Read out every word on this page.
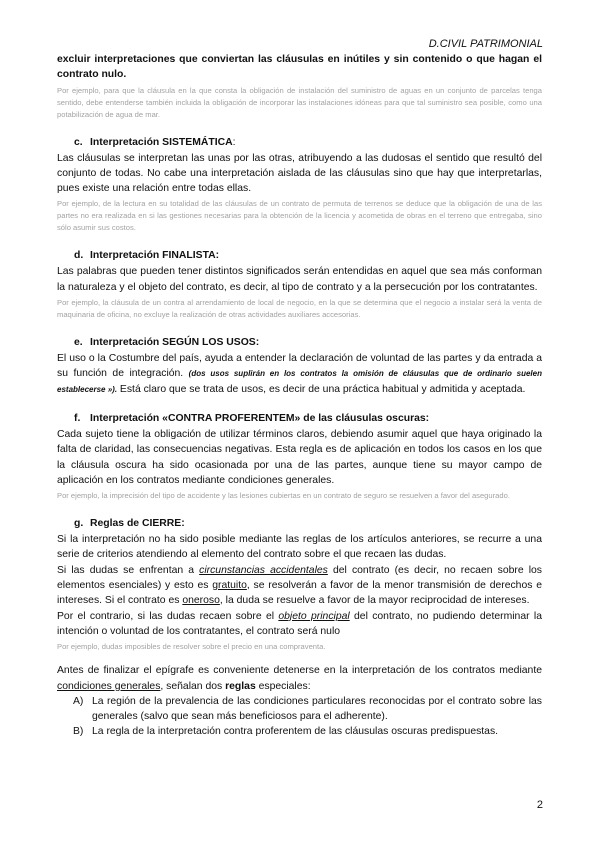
D.CIVIL PATRIMONIAL

excluir interpretaciones que conviertan las cláusulas en inútiles y sin contenido o que hagan el contrato nulo.

Por ejemplo, para que la cláusula en la que consta la obligación de instalación del suministro de aguas en un conjunto de parcelas tenga sentido, debe entenderse también incluida la obligación de incorporar las instalaciones idóneas para que tal suministro sea posible, como una potabilización de agua de mar.

c. Interpretación SISTEMÁTICA:

Las cláusulas se interpretan las unas por las otras, atribuyendo a las dudosas el sentido que resultó del conjunto de todas. No cabe una interpretación aislada de las cláusulas sino que hay que interpretarlas, pues existe una relación entre todas ellas.

Por ejemplo, de la lectura en su totalidad de las cláusulas de un contrato de permuta de terrenos se deduce que la obligación de una de las partes no era realizada en si las gestiones necesarias para la obtención de la licencia y acometida de obras en el terreno que entregaba, sino sólo asumir sus costos.

d. Interpretación FINALISTA:

Las palabras que pueden tener distintos significados serán entendidas en aquel que sea más conforman la naturaleza y el objeto del contrato, es decir, al tipo de contrato y a la persecución por los contratantes.

Por ejemplo, la cláusula de un contra al arrendamiento de local de negocio, en la que se determina que el negocio a instalar será la venta de maquinaria de oficina, no excluye la realización de otras actividades auxiliares accesorias.

e. Interpretación SEGÚN LOS USOS:

El uso o la Costumbre del país, ayuda a entender la declaración de voluntad de las partes y da entrada a su función de integración. (dos usos suplirán en los contratos la omisión de cláusulas que de ordinario suelen establecerse »). Está claro que se trata de usos, es decir de una práctica habitual y admitida y aceptada.

f. Interpretación «CONTRA PROFERENTEM» de las cláusulas oscuras:

Cada sujeto tiene la obligación de utilizar términos claros, debiendo asumir aquel que haya originado la falta de claridad, las consecuencias negativas. Esta regla es de aplicación en todos los casos en los que la cláusula oscura ha sido ocasionada por una de las partes, aunque tiene su mayor campo de aplicación en los contratos mediante condiciones generales.

Por ejemplo, la imprecisión del tipo de accidente y las lesiones cubiertas en un contrato de seguro se resuelven a favor del asegurado.

g. Reglas de CIERRE:

Si la interpretación no ha sido posible mediante las reglas de los artículos anteriores, se recurre a una serie de criterios atendiendo al elemento del contrato sobre el que recaen las dudas.

Si las dudas se enfrentan a circunstancias accidentales del contrato (es decir, no recaen sobre los elementos esenciales) y esto es gratuito, se resolverán a favor de la menor transmisión de derechos e intereses. Si el contrato es oneroso, la duda se resuelve a favor de la mayor reciprocidad de intereses.

Por el contrario, si las dudas recaen sobre el objeto principal del contrato, no pudiendo determinar la intención o voluntad de los contratantes, el contrato será nulo

Por ejemplo, dudas imposibles de resolver sobre el precio en una compraventa.

Antes de finalizar el epígrafe es conveniente detenerse en la interpretación de los contratos mediante condiciones generales, señalan dos reglas especiales:

A) La región de la prevalencia de las condiciones particulares reconocidas por el contrato sobre las generales (salvo que sean más beneficiosos para el adherente).
B) La regla de la interpretación contra proferentem de las cláusulas oscuras predispuestas.
2
